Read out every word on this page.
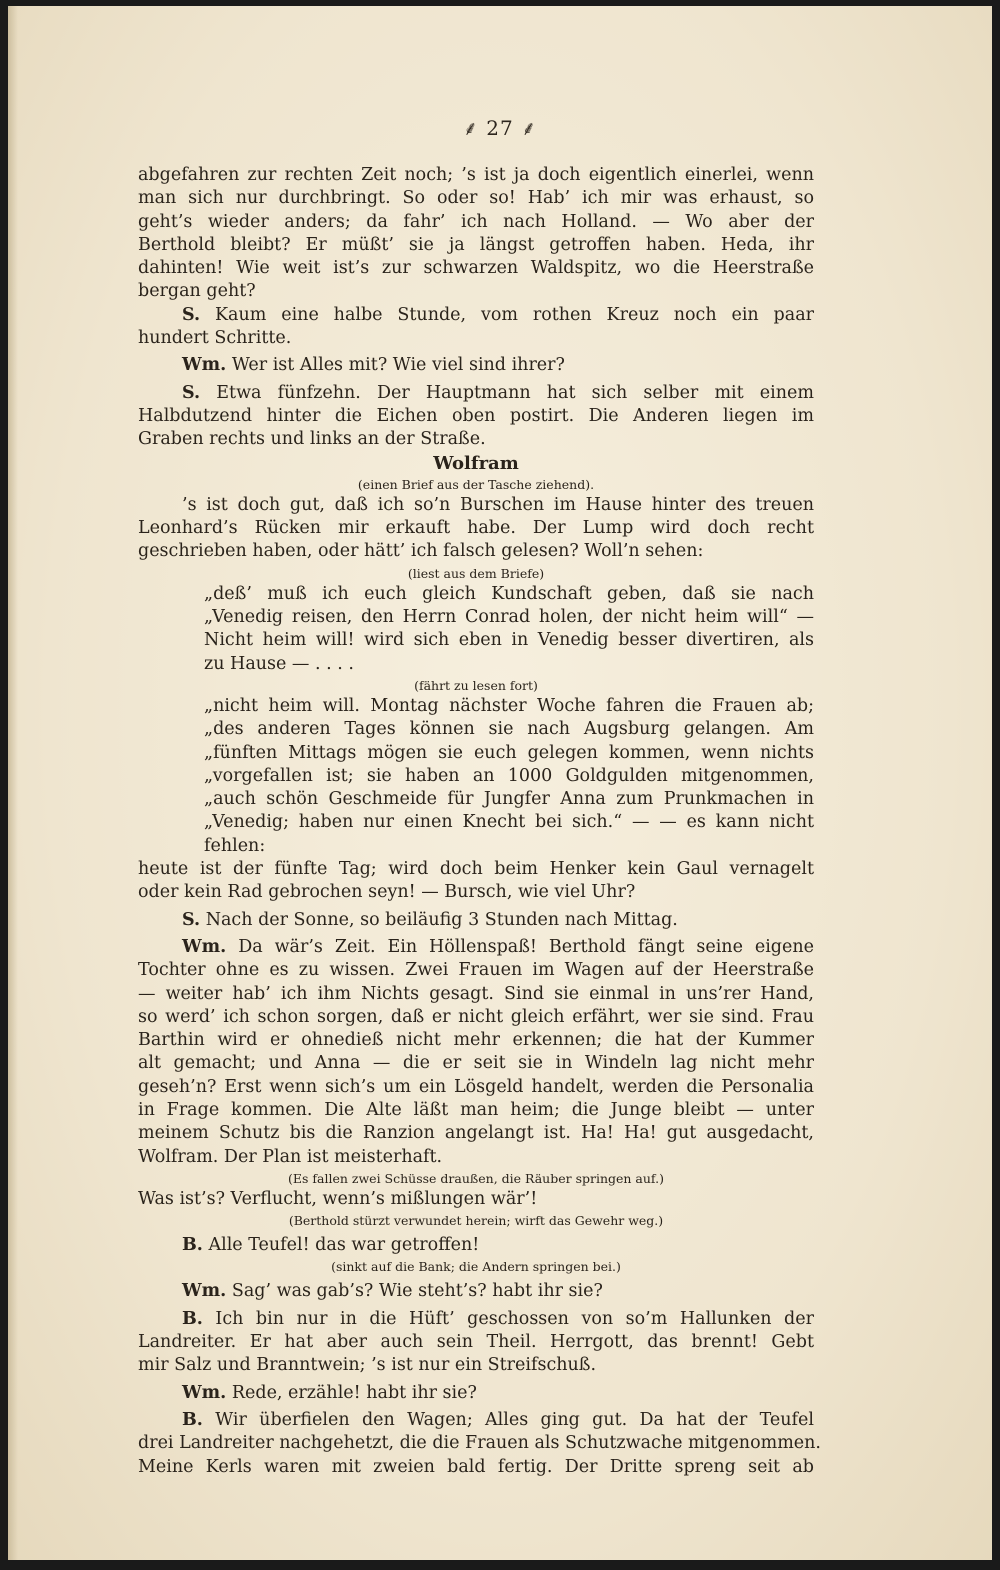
⸙ 27 ⸙
abgefahren zur rechten Zeit noch; ’s ist ja doch eigentlich einerlei, wenn
man sich nur durchbringt. So oder so! Hab’ ich mir was erhaust, so
geht’s wieder anders; da fahr’ ich nach Holland. — Wo aber der
Berthold bleibt? Er müßt’ sie ja längst getroffen haben. Heda, ihr
dahinten! Wie weit ist’s zur schwarzen Waldspitz, wo die Heerstraße
bergan geht?
S. Kaum eine halbe Stunde, vom rothen Kreuz noch ein paar
hundert Schritte.
Wm. Wer ist Alles mit? Wie viel sind ihrer?
S. Etwa fünfzehn. Der Hauptmann hat sich selber mit einem
Halbdutzend hinter die Eichen oben postirt. Die Anderen liegen im
Graben rechts und links an der Straße.
Wolfram
(einen Brief aus der Tasche ziehend).
’s ist doch gut, daß ich so’n Burschen im Hause hinter des treuen
Leonhard’s Rücken mir erkauft habe. Der Lump wird doch recht
geschrieben haben, oder hätt’ ich falsch gelesen? Woll’n sehen:
(liest aus dem Briefe)
„deß’ muß ich euch gleich Kundschaft geben, daß sie nach
„Venedig reisen, den Herrn Conrad holen, der nicht heim will“ —
Nicht heim will! wird sich eben in Venedig besser divertiren, als
zu Hause — . . . .
(fährt zu lesen fort)
„nicht heim will. Montag nächster Woche fahren die Frauen ab;
„des anderen Tages können sie nach Augsburg gelangen. Am
„fünften Mittags mögen sie euch gelegen kommen, wenn nichts
„vorgefallen ist; sie haben an 1000 Goldgulden mitgenommen,
„auch schön Geschmeide für Jungfer Anna zum Prunkmachen in
„Venedig; haben nur einen Knecht bei sich.“ — — es kann nicht
fehlen:
heute ist der fünfte Tag; wird doch beim Henker kein Gaul vernagelt
oder kein Rad gebrochen seyn! — Bursch, wie viel Uhr?
S. Nach der Sonne, so beiläufig 3 Stunden nach Mittag.
Wm. Da wär’s Zeit. Ein Höllenspaß! Berthold fängt seine eigene
Tochter ohne es zu wissen. Zwei Frauen im Wagen auf der Heerstraße
— weiter hab’ ich ihm Nichts gesagt. Sind sie einmal in uns’rer Hand,
so werd’ ich schon sorgen, daß er nicht gleich erfährt, wer sie sind. Frau
Barthin wird er ohnedieß nicht mehr erkennen; die hat der Kummer
alt gemacht; und Anna — die er seit sie in Windeln lag nicht mehr
geseh’n? Erst wenn sich’s um ein Lösgeld handelt, werden die Personalia
in Frage kommen. Die Alte läßt man heim; die Junge bleibt — unter
meinem Schutz bis die Ranzion angelangt ist. Ha! Ha! gut ausgedacht,
Wolfram. Der Plan ist meisterhaft.
(Es fallen zwei Schüsse draußen, die Räuber springen auf.)
Was ist’s? Verflucht, wenn’s mißlungen wär’!
(Berthold stürzt verwundet herein; wirft das Gewehr weg.)
B. Alle Teufel! das war getroffen!
(sinkt auf die Bank; die Andern springen bei.)
Wm. Sag’ was gab’s? Wie steht’s? habt ihr sie?
B. Ich bin nur in die Hüft’ geschossen von so’m Hallunken der
Landreiter. Er hat aber auch sein Theil. Herrgott, das brennt! Gebt
mir Salz und Branntwein; ’s ist nur ein Streifschuß.
Wm. Rede, erzähle! habt ihr sie?
B. Wir überfielen den Wagen; Alles ging gut. Da hat der Teufel
drei Landreiter nachgehetzt, die die Frauen als Schutzwache mitgenommen.
Meine Kerls waren mit zweien bald fertig. Der Dritte spreng seit ab
